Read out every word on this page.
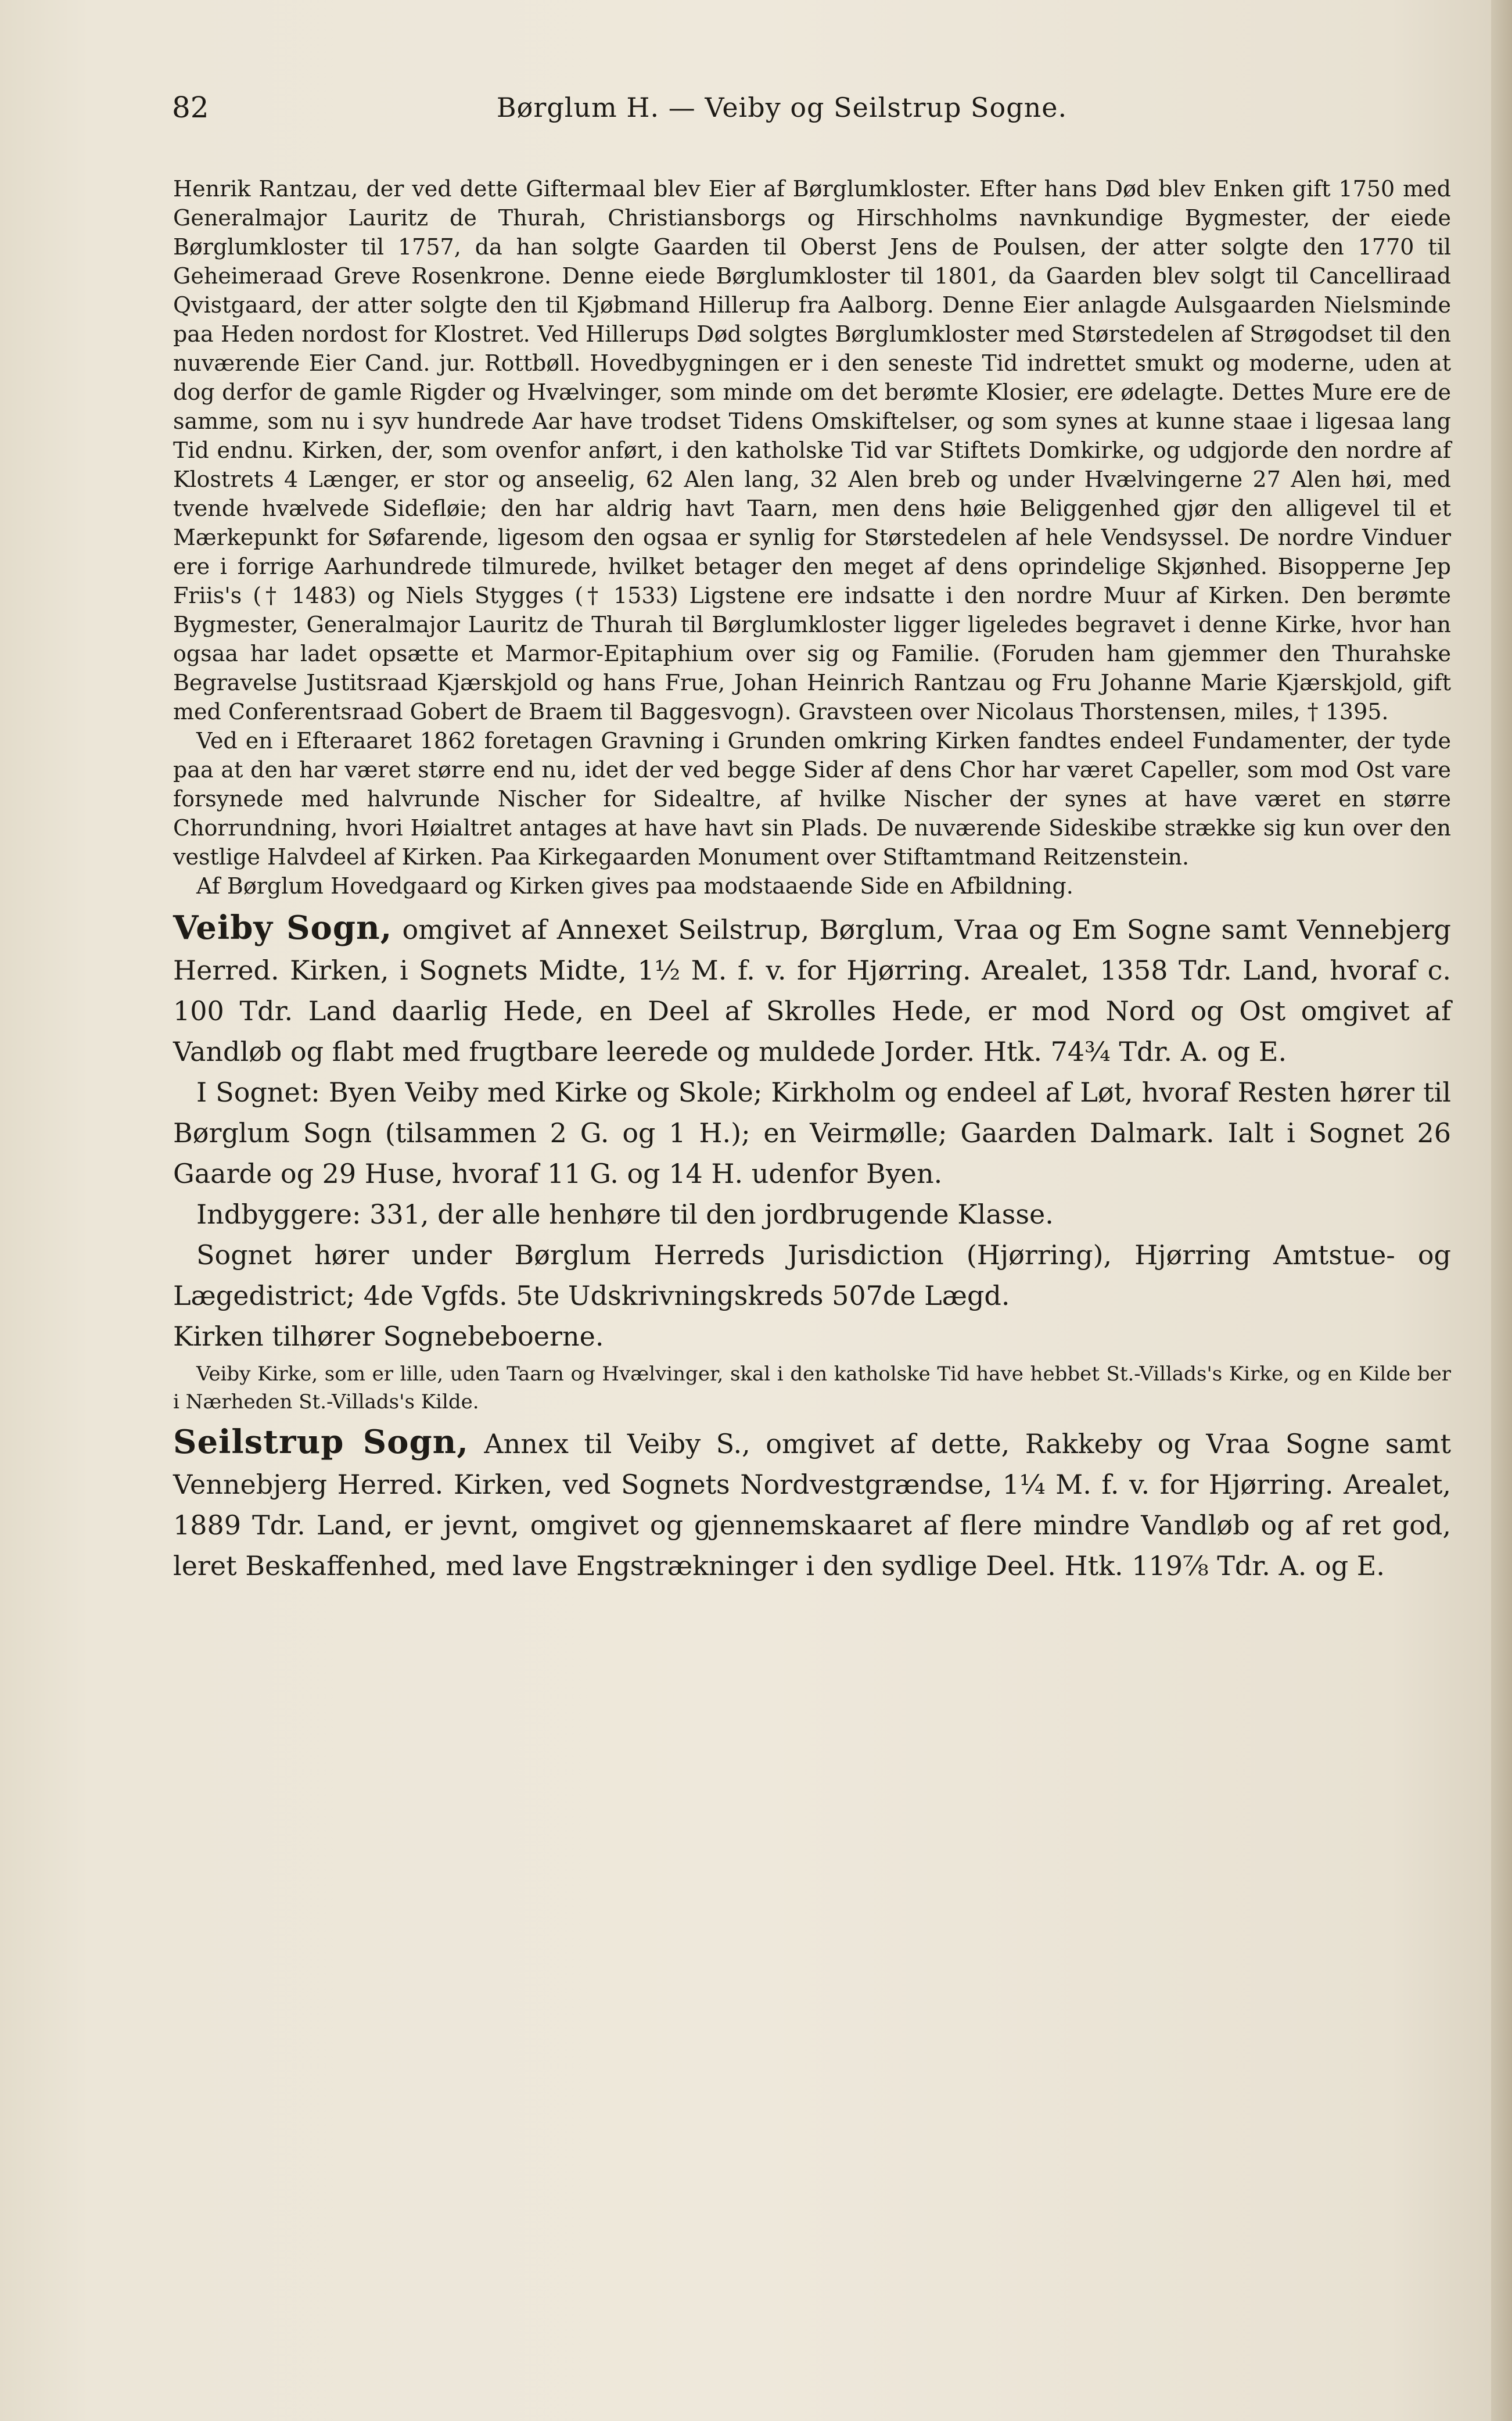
82	Børglum H. — Veiby og Seilstrup Sogne.

Henrik Rantzau, der ved dette Giftermaal blev Eier af Børglumkloster. Efter hans Død blev Enken gift 1750 med Generalmajor Lauritz de Thurah, Christiansborgs og Hirschholms navnkundige Bygmester, der eiede Børglumkloster til 1757, da han solgte Gaarden til Oberst Jens de Poulsen, der atter solgte den 1770 til Geheimeraad Greve Rosenkrone. Denne eiede Børglumkloster til 1801, da Gaarden blev solgt til Cancelliraad Qvistgaard, der atter solgte den til Kjøbmand Hillerup fra Aalborg. Denne Eier anlagde Aulsgaarden Nielsminde paa Heden nordost for Klostret. Ved Hillerups Død solgtes Børglumkloster med Størstedelen af Strøgodset til den nuværende Eier Cand. jur. Rottbøll. Hovedbygningen er i den seneste Tid indrettet smukt og moderne, uden at dog derfor de gamle Rigder og Hvælvinger, som minde om det berømte Klosier, ere ødelagte. Dettes Mure ere de samme, som nu i syv hundrede Aar have trodset Tidens Omskiftelser, og som synes at kunne staae i ligesaa lang Tid endnu. Kirken, der, som ovenfor anført, i den katholske Tid var Stiftets Domkirke, og udgjorde den nordre af Klostrets 4 Længer, er stor og anseelig, 62 Alen lang, 32 Alen breb og under Hvælvingerne 27 Alen høi, med tvende hvælvede Sidefløie; den har aldrig havt Taarn, men dens høie Beliggenhed gjør den alligevel til et Mærkepunkt for Søfarende, ligesom den ogsaa er synlig for Størstedelen af hele Vendsyssel. De nordre Vinduer ere i forrige Aarhundrede tilmurede, hvilket betager den meget af dens oprindelige Skjønhed. Bisopperne Jep Friis's († 1483) og Niels Stygges († 1533) Ligstene ere indsatte i den nordre Muur af Kirken. Den berømte Bygmester, Generalmajor Lauritz de Thurah til Børglumkloster ligger ligeledes begravet i denne Kirke, hvor han ogsaa har ladet opsætte et Marmor-Epitaphium over sig og Familie. (Foruden ham gjemmer den Thurahske Begravelse Justitsraad Kjærskjold og hans Frue, Johan Heinrich Rantzau og Fru Johanne Marie Kjærskjold, gift med Conferentsraad Gobert de Braem til Baggesvogn). Gravsteen over Nicolaus Thorstensen, miles, † 1395.

Ved en i Efteraaret 1862 foretagen Gravning i Grunden omkring Kirken fandtes endeel Fundamenter, der tyde paa at den har været større end nu, idet der ved begge Sider af dens Chor har været Capeller, som mod Ost vare forsynede med halvrunde Nischer for Sidealtre, af hvilke Nischer der synes at have været en større Chorrundning, hvori Høialtret antages at have havt sin Plads. De nuværende Sideskibe strække sig kun over den vestlige Halvdeel af Kirken. Paa Kirkegaarden Monument over Stiftamtmand Reitzenstein.

Af Børglum Hovedgaard og Kirken gives paa modstaaende Side en Afbildning.

Veiby Sogn, omgivet af Annexet Seilstrup, Børglum, Vraa og Em Sogne samt Vennebjerg Herred. Kirken, i Sognets Midte, 1½ M. f. v. for Hjørring. Arealet, 1358 Tdr. Land, hvoraf c. 100 Tdr. Land daarlig Hede, en Deel af Skrolles Hede, er mod Nord og Ost omgivet af Vandløb og flabt med frugtbare leerede og muldede Jorder. Htk. 74¾ Tdr. A. og E.

I Sognet: Byen Veiby med Kirke og Skole; Kirkholm og endeel af Løt, hvoraf Resten hører til Børglum Sogn (tilsammen 2 G. og 1 H.); en Veirmølle; Gaarden Dalmark. Ialt i Sognet 26 Gaarde og 29 Huse, hvoraf 11 G. og 14 H. udenfor Byen.

Indbyggere: 331, der alle henhøre til den jordbrugende Klasse.

Sognet hører under Børglum Herreds Jurisdiction (Hjørring), Hjørring Amtstue- og Lægedistrict; 4de Vgfds. 5te Udskrivningskreds 507de Lægd.

Kirken tilhører Sognebeboerne.

Veiby Kirke, som er lille, uden Taarn og Hvælvinger, skal i den katholske Tid have hebbet St.-Villads's Kirke, og en Kilde ber i Nærheden St.-Villads's Kilde.

Seilstrup Sogn, Annex til Veiby S., omgivet af dette, Rakkeby og Vraa Sogne samt Vennebjerg Herred. Kirken, ved Sognets Nordvestgrændse, 1¼ M. f. v. for Hjørring. Arealet, 1889 Tdr. Land, er jevnt, omgivet og gjennemskaaret af flere mindre Vandløb og af ret god, leret Beskaffenhed, med lave Engstrækninger i den sydlige Deel. Htk. 119⅞ Tdr. A. og E.
